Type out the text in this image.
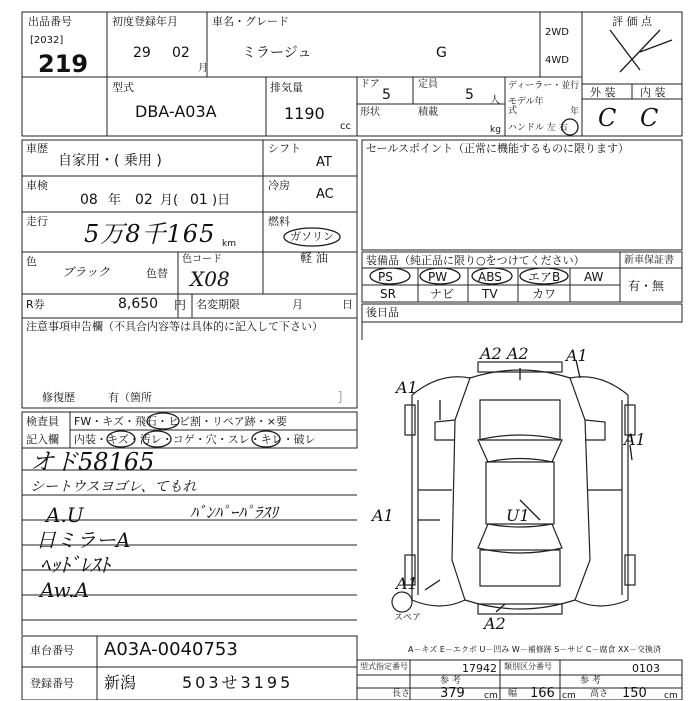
出品番号
[2032]
219
初度登録年月
29 02
月
車名・グレード
ミラージュ	G
2WD
4WD
評 価 点
型式
DBA-A03A
排気量
1190
cc
ドア
5
定員
5 人
形状	積載
kg
ディーラー・並行
モデル年式	年
ハンドル 左 右
外 装 内 装
C C
車歴
自家用・( 乗用 )
シフト
AT
車検
08 年 02 月( 01 )日
冷房
AC
走行 5万8千165 km
燃料
ガソリン
軽 油
色
ブラック	色替
色コード
X08
R券	8,650 円 名変期限	月	日
セールスポイント（正常に機能するものに限ります）
装備品（純正品に限り○をつけてください）	新車保証書
有・無
PS	PW	ABS エアB AW
SR	ナビ TV	カワ
後日品
注意事項申告欄（不具合内容等は具体的に記入して下さい）
修復歴	有（箇所	］
検査員
記入欄
FW・キズ・飛石・ヒビ割・リペア跡・×要
内装・キズ・汚レ・コゲ・穴・スレ・キレ・破レ
オド58165
シートウスヨゴレ、てもれ
A.U	ﾊﾞﾝﾊﾟｰﾊﾟﾗｽﾘ
日ミラーA
ﾍｯﾄﾞﾚｽﾄ
Aw.A
A2 A2 A1
A1
A1
A1	U1
A1
A2
スペア
A－キズ E－エクボ U－凹み W－補修跡 S－サビ C－腐食 XX－交換済
車台番号 A03A-0040753
登録番号 新潟	503せ3195
型式指定番号	17942 類別区分番号	0103
参 考	参 考
長さ 379 cm 幅 166 cm 高さ 150 cm
